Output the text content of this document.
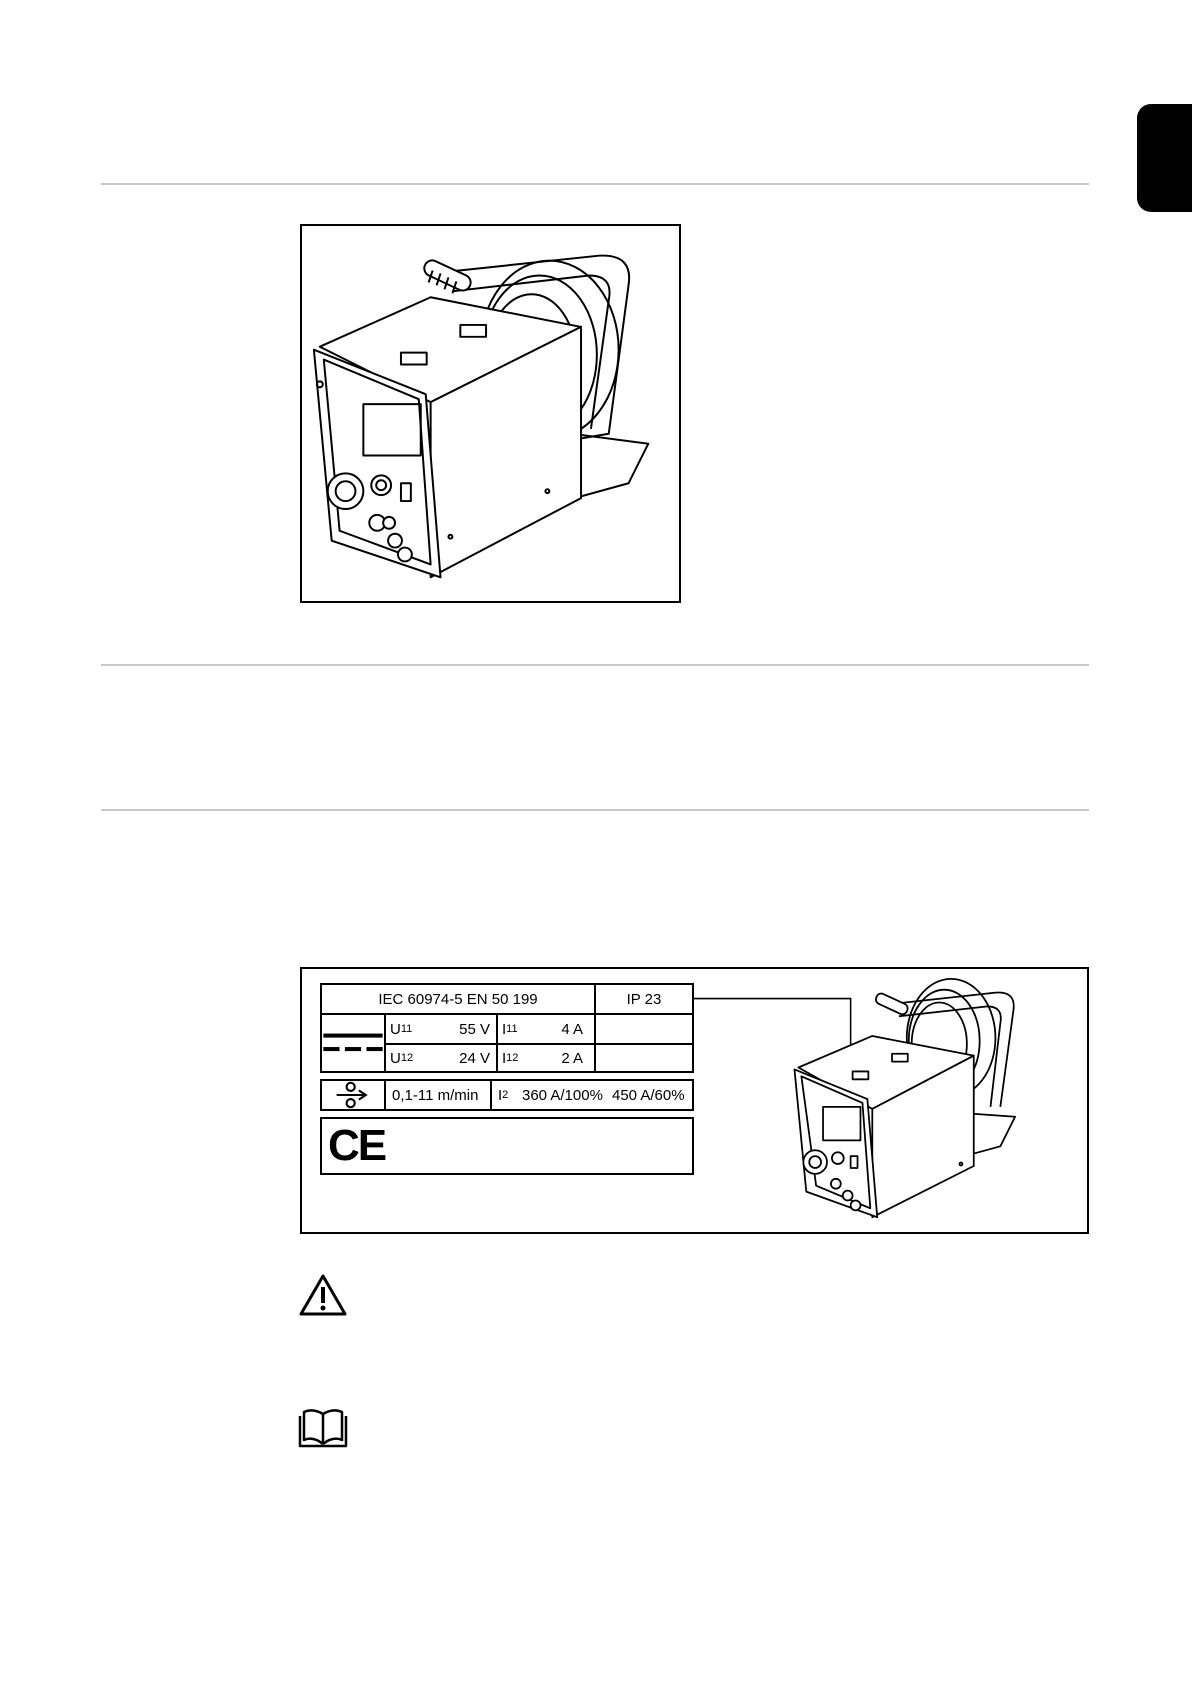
IEC 60974-5 EN 50 199	IP 23
U 11	55 V I 11	4 A
U 12	24 V I 12	2 A
0,1-11 m/min I 2 360 A/100% 450 A/60%
CE
